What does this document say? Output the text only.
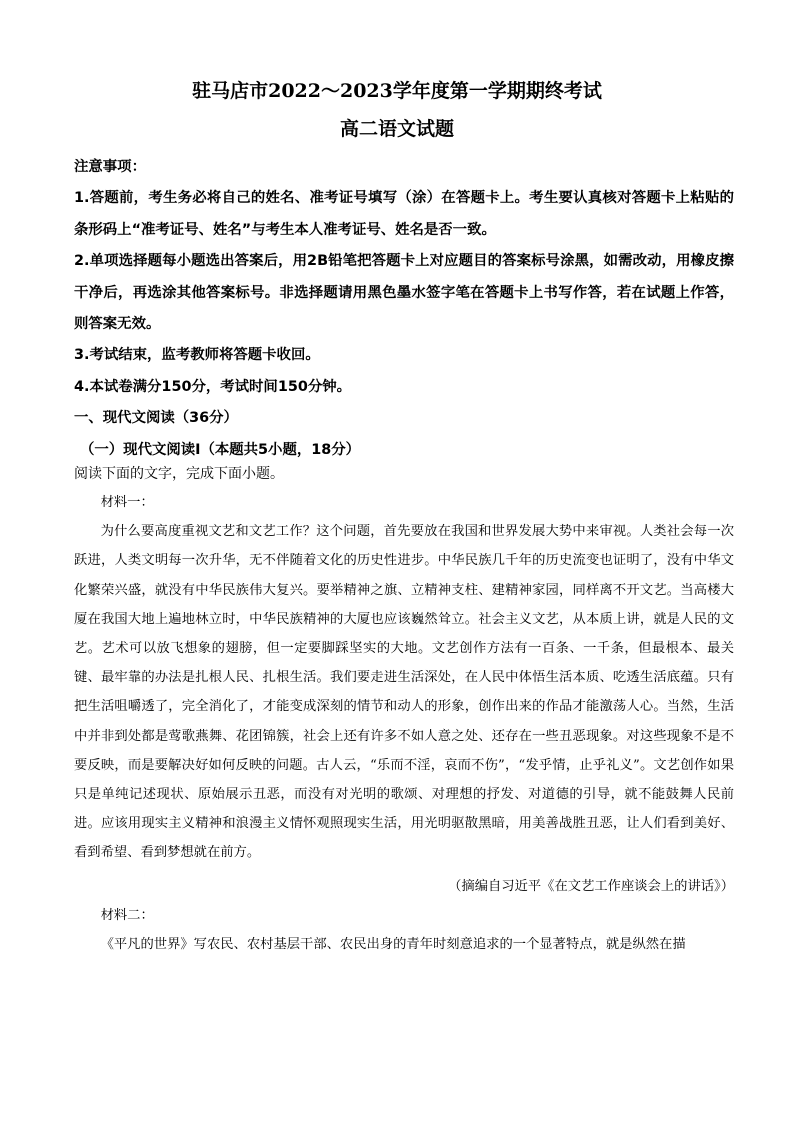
驻马店市2022～2023学年度第一学期期终考试
高二语文试题

注意事项：

1.答题前，考生务必将自己的姓名、准考证号填写（涂）在答题卡上。考生要认真核对答题卡上粘贴的条形码上“准考证号、姓名”与考生本人准考证号、姓名是否一致。

2.单项选择题每小题选出答案后，用2B铅笔把答题卡上对应题目的答案标号涂黑，如需改动，用橡皮擦干净后，再选涂其他答案标号。非选择题请用黑色墨水签字笔在答题卡上书写作答，若在试题上作答，则答案无效。

3.考试结束，监考教师将答题卡收回。

4.本试卷满分150分，考试时间150分钟。

一、现代文阅读（36分）

（一）现代文阅读Ⅰ（本题共5小题，18分）

阅读下面的文字，完成下面小题。

材料一：

为什么要高度重视文艺和文艺工作？这个问题，首先要放在我国和世界发展大势中来审视。人类社会每一次跃进，人类文明每一次升华，无不伴随着文化的历史性进步。中华民族几千年的历史流变也证明了，没有中华文化繁荣兴盛，就没有中华民族伟大复兴。要举精神之旗、立精神支柱、建精神家园，同样离不开文艺。当高楼大厦在我国大地上遍地林立时，中华民族精神的大厦也应该巍然耸立。社会主义文艺，从本质上讲，就是人民的文艺。艺术可以放飞想象的翅膀，但一定要脚踩坚实的大地。文艺创作方法有一百条、一千条，但最根本、最关键、最牢靠的办法是扎根人民、扎根生活。我们要走进生活深处，在人民中体悟生活本质、吃透生活底蕴。只有把生活咀嚼透了，完全消化了，才能变成深刻的情节和动人的形象，创作出来的作品才能激荡人心。当然，生活中并非到处都是莺歌燕舞、花团锦簇，社会上还有许多不如人意之处、还存在一些丑恶现象。对这些现象不是不要反映，而是要解决好如何反映的问题。古人云，“乐而不淫，哀而不伤”，“发乎情，止乎礼义”。文艺创作如果只是单纯记述现状、原始展示丑恶，而没有对光明的歌颂、对理想的抒发、对道德的引导，就不能鼓舞人民前进。应该用现实主义精神和浪漫主义情怀观照现实生活，用光明驱散黑暗，用美善战胜丑恶，让人们看到美好、看到希望、看到梦想就在前方。

（摘编自习近平《在文艺工作座谈会上的讲话》）

材料二：

《平凡的世界》写农民、农村基层干部、农民出身的青年时刻意追求的一个显著特点，就是纵然在描
